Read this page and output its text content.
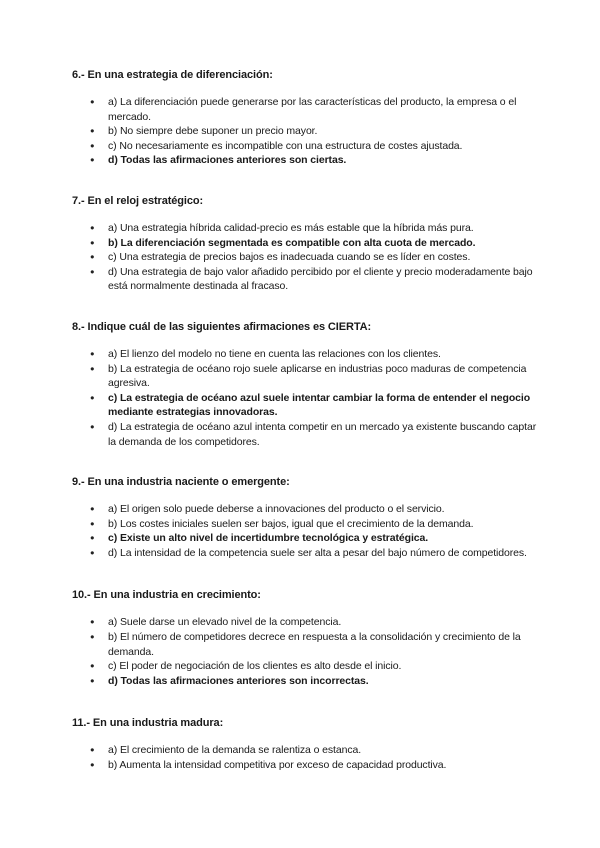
6.- En una estrategia de diferenciación:

● a) La diferenciación puede generarse por las características del producto, la empresa o el mercado.
● b) No siempre debe suponer un precio mayor.
● c) No necesariamente es incompatible con una estructura de costes ajustada.
● d) Todas las afirmaciones anteriores son ciertas.

7.- En el reloj estratégico:

● a) Una estrategia híbrida calidad-precio es más estable que la híbrida más pura.
● b) La diferenciación segmentada es compatible con alta cuota de mercado.
● c) Una estrategia de precios bajos es inadecuada cuando se es líder en costes.
● d) Una estrategia de bajo valor añadido percibido por el cliente y precio moderadamente bajo está normalmente destinada al fracaso.

8.- Indique cuál de las siguientes afirmaciones es CIERTA:

● a) El lienzo del modelo no tiene en cuenta las relaciones con los clientes.
● b) La estrategia de océano rojo suele aplicarse en industrias poco maduras de competencia agresiva.
● c) La estrategia de océano azul suele intentar cambiar la forma de entender el negocio mediante estrategias innovadoras.
● d) La estrategia de océano azul intenta competir en un mercado ya existente buscando captar la demanda de los competidores.

9.- En una industria naciente o emergente:

● a) El origen solo puede deberse a innovaciones del producto o el servicio.
● b) Los costes iniciales suelen ser bajos, igual que el crecimiento de la demanda.
● c) Existe un alto nivel de incertidumbre tecnológica y estratégica.
● d) La intensidad de la competencia suele ser alta a pesar del bajo número de competidores.

10.- En una industria en crecimiento:

● a) Suele darse un elevado nivel de la competencia.
● b) El número de competidores decrece en respuesta a la consolidación y crecimiento de la demanda.
● c) El poder de negociación de los clientes es alto desde el inicio.
● d) Todas las afirmaciones anteriores son incorrectas.

11.- En una industria madura:

● a) El crecimiento de la demanda se ralentiza o estanca.
● b) Aumenta la intensidad competitiva por exceso de capacidad productiva.
